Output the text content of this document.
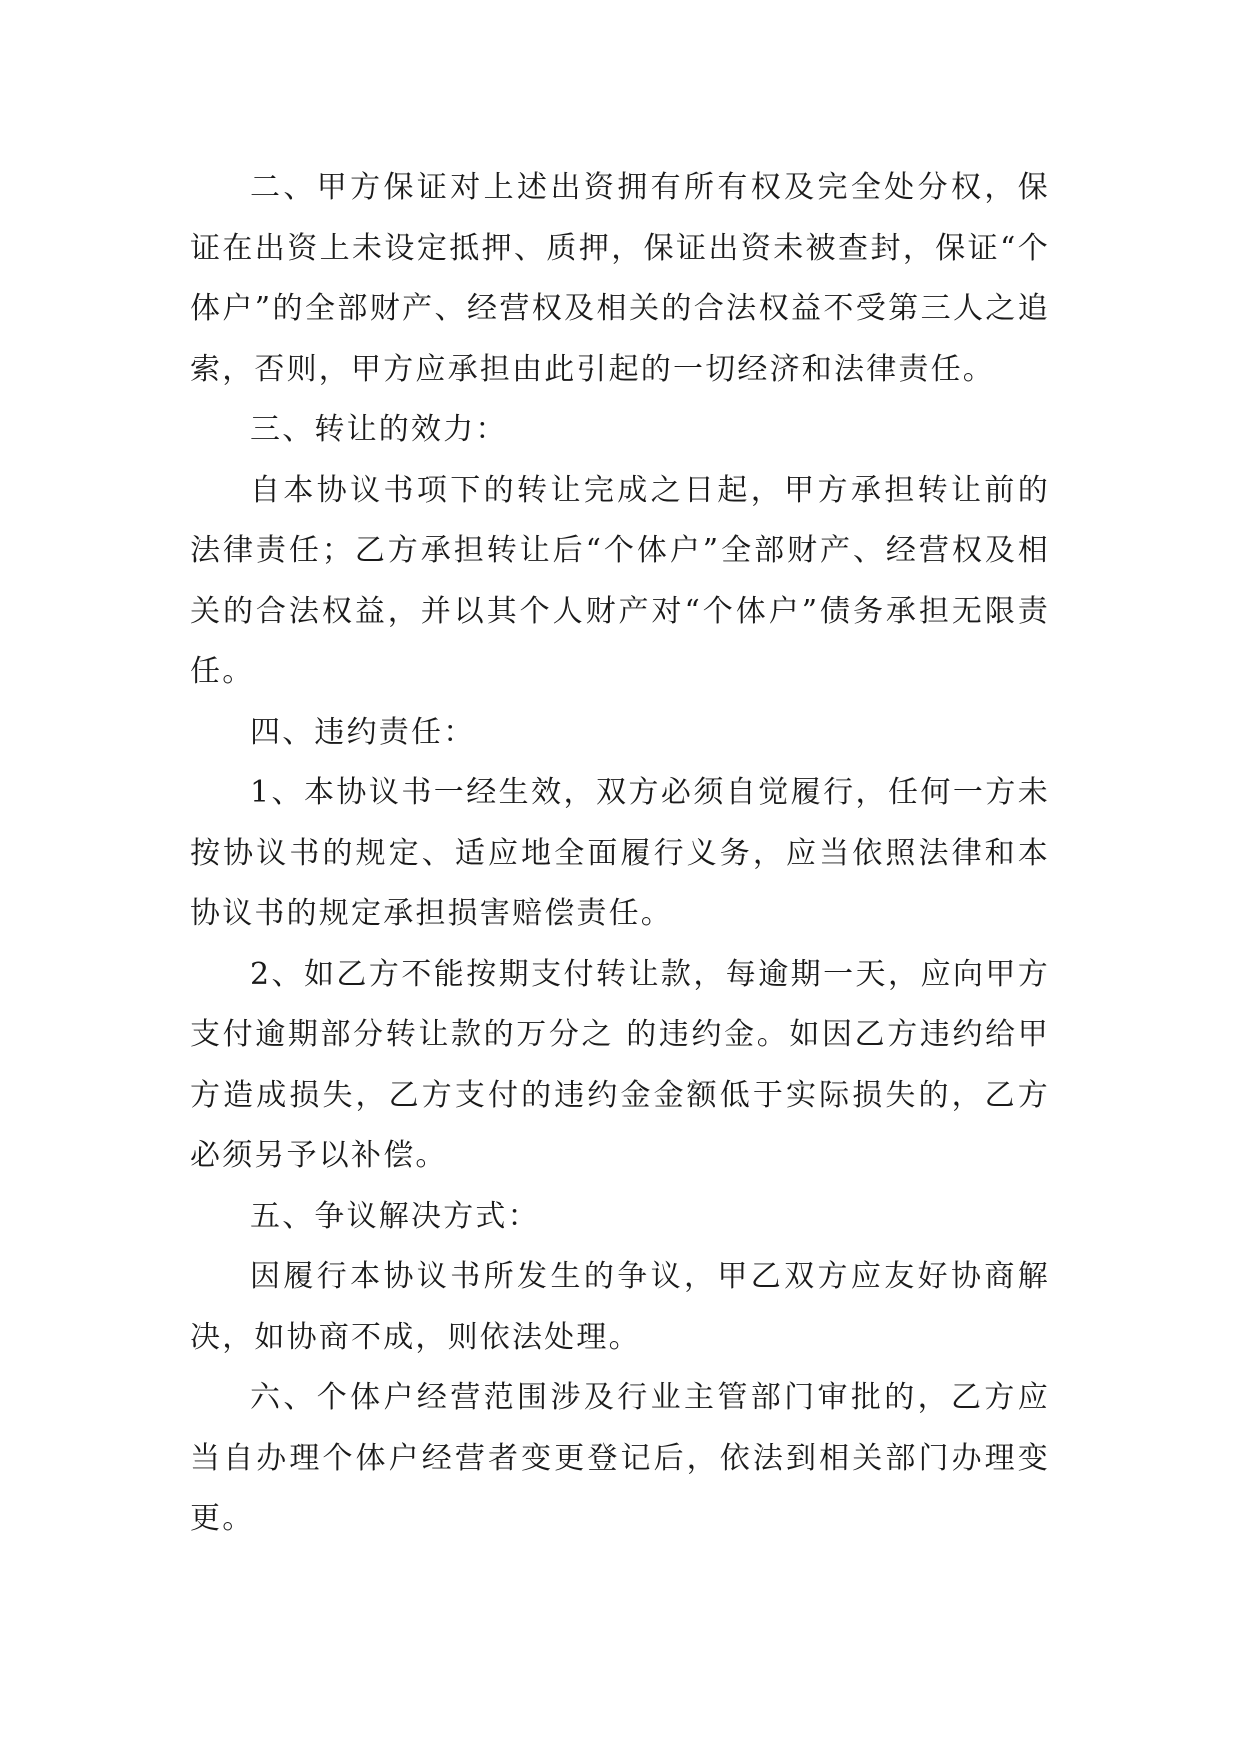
二、甲方保证对上述出资拥有所有权及完全处分权，保证在出资上未设定抵押、质押，保证出资未被查封，保证“个体户”的全部财产、经营权及相关的合法权益不受第三人之追索，否则，甲方应承担由此引起的一切经济和法律责任。

三、转让的效力：

自本协议书项下的转让完成之日起，甲方承担转让前的法律责任；乙方承担转让后“个体户”全部财产、经营权及相关的合法权益，并以其个人财产对“个体户”债务承担无限责任。

四、违约责任：

1、本协议书一经生效，双方必须自觉履行，任何一方未按协议书的规定、适应地全面履行义务，应当依照法律和本协议书的规定承担损害赔偿责任。

2、如乙方不能按期支付转让款，每逾期一天，应向甲方支付逾期部分转让款的万分之 的违约金。如因乙方违约给甲方造成损失，乙方支付的违约金金额低于实际损失的，乙方必须另予以补偿。

五、争议解决方式：

因履行本协议书所发生的争议，甲乙双方应友好协商解决，如协商不成，则依法处理。

六、个体户经营范围涉及行业主管部门审批的，乙方应当自办理个体户经营者变更登记后，依法到相关部门办理变更。
